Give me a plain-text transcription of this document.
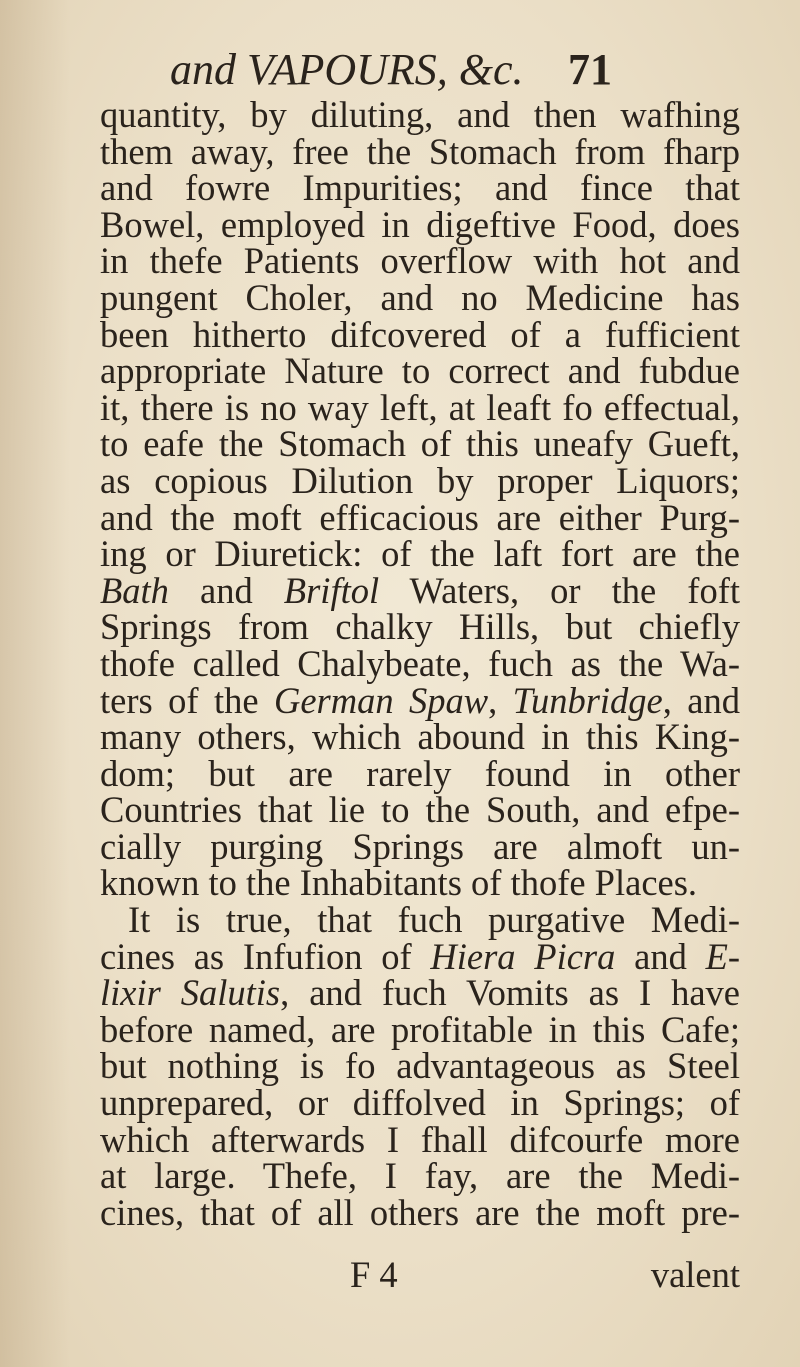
and VAPOURS, &c. 71
quantity, by diluting, and then wafhing
them away, free the Stomach from fharp
and fowre Impurities; and fince that
Bowel, employed in digeftive Food, does
in thefe Patients overflow with hot and
pungent Choler, and no Medicine has
been hitherto difcovered of a fufficient
appropriate Nature to correct and fubdue
it, there is no way left, at leaft fo effectual,
to eafe the Stomach of this uneafy Gueft,
as copious Dilution by proper Liquors;
and the moft efficacious are either Purg-
ing or Diuretick: of the laft fort are the
Bath and Briftol Waters, or the foft
Springs from chalky Hills, but chiefly
thofe called Chalybeate, fuch as the Wa-
ters of the German Spaw, Tunbridge, and
many others, which abound in this King-
dom; but are rarely found in other
Countries that lie to the South, and efpe-
cially purging Springs are almoft un-
known to the Inhabitants of thofe Places.
It is true, that fuch purgative Medi-
cines as Infufion of Hiera Picra and E-
lixir Salutis, and fuch Vomits as I have
before named, are profitable in this Cafe;
but nothing is fo advantageous as Steel
unprepared, or diffolved in Springs; of
which afterwards I fhall difcourfe more
at large. Thefe, I fay, are the Medi-
cines, that of all others are the moft pre-
F 4	valent
